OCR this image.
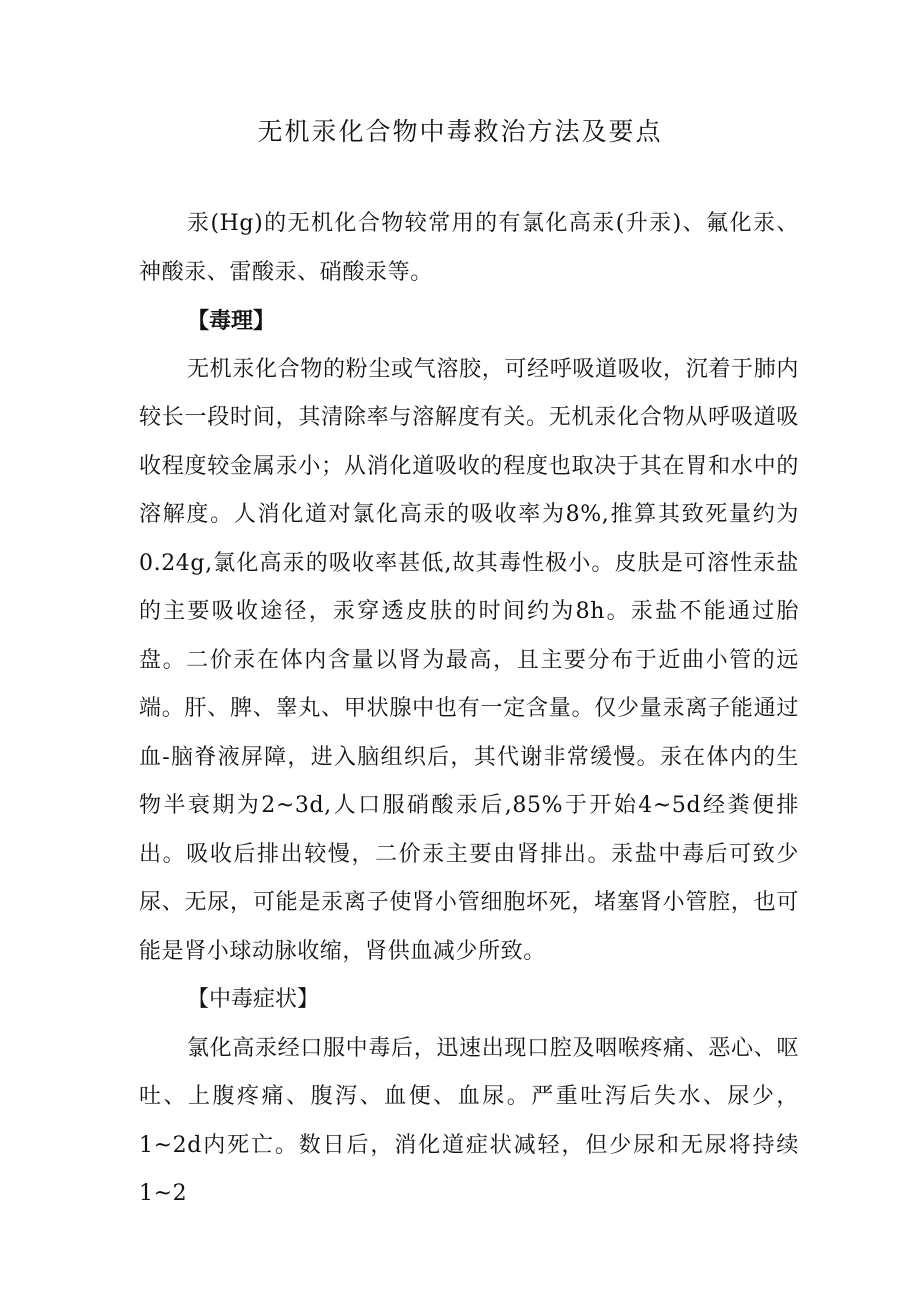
无机汞化合物中毒救治方法及要点

汞(Hg)的无机化合物较常用的有氯化高汞(升汞)、氟化汞、神酸汞、雷酸汞、硝酸汞等。

【毒理】

无机汞化合物的粉尘或气溶胶，可经呼吸道吸收，沉着于肺内较长一段时间，其清除率与溶解度有关。无机汞化合物从呼吸道吸收程度较金属汞小；从消化道吸收的程度也取决于其在胃和水中的溶解度。人消化道对氯化高汞的吸收率为8%,推算其致死量约为0.24g,氯化高汞的吸收率甚低,故其毒性极小。皮肤是可溶性汞盐的主要吸收途径，汞穿透皮肤的时间约为8h。汞盐不能通过胎盘。二价汞在体内含量以肾为最高，且主要分布于近曲小管的远端。肝、脾、睾丸、甲状腺中也有一定含量。仅少量汞离子能通过血-脑脊液屏障，进入脑组织后，其代谢非常缓慢。汞在体内的生物半衰期为2~3d,人口服硝酸汞后,85%于开始4~5d经粪便排出。吸收后排出较慢，二价汞主要由肾排出。汞盐中毒后可致少尿、无尿，可能是汞离子使肾小管细胞坏死，堵塞肾小管腔，也可能是肾小球动脉收缩，肾供血减少所致。

【中毒症状】

氯化高汞经口服中毒后，迅速出现口腔及咽喉疼痛、恶心、呕吐、上腹疼痛、腹泻、血便、血尿。严重吐泻后失水、尿少，1~2d内死亡。数日后，消化道症状减轻，但少尿和无尿将持续1~2
